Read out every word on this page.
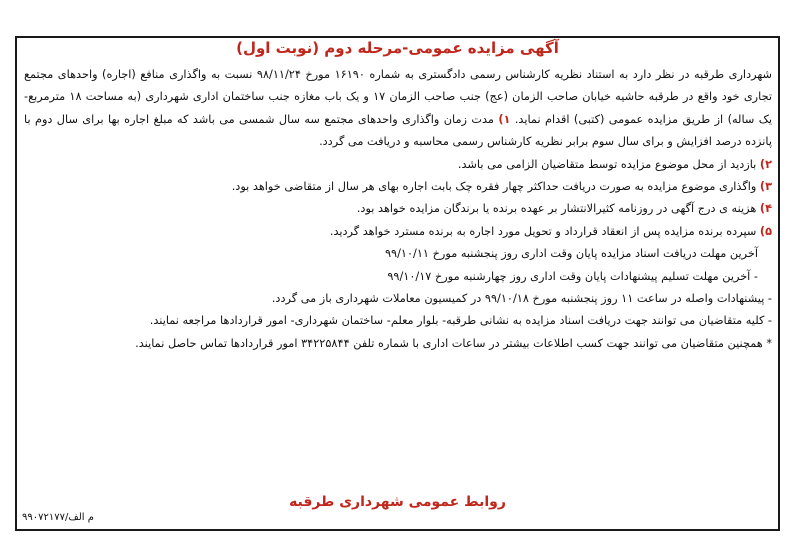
آگهی مزایده عمومی-مرحله دوم (نوبت اول)

شهرداری طرقبه در نظر دارد به استناد نظریه کارشناس رسمی دادگستری به شماره ۱۶۱۹۰ مورخ ۹۸/۱۱/۲۴ نسبت به واگذاری منافع (اجاره) واحدهای مجتمع تجاری خود واقع در طرقبه حاشیه خیابان صاحب الزمان (عج) جنب صاحب الزمان ۱۷ و یک باب مغازه جنب ساختمان اداری شهرداری (به مساحت ۱۸ مترمربع- یک ساله) از طریق مزایده عمومی (کتبی) اقدام نماید. ۱) مدت زمان واگذاری واحدهای مجتمع سه سال شمسی می باشد که مبلغ اجاره بها برای سال دوم با پانزده درصد افزایش و برای سال سوم برابر نظریه کارشناس رسمی محاسبه و دریافت می گردد.

۲) بازدید از محل موضوع مزایده توسط متقاضیان الزامی می باشد.

۳) واگذاری موضوع مزایده به صورت دریافت حداکثر چهار فقره چک بابت اجاره بهای هر سال از متقاضی خواهد بود.

۴) هزینه ی درج آگهی در روزنامه کثیرالانتشار بر عهده برنده یا برندگان مزایده خواهد بود.

۵) سپرده برنده مزایده پس از انعقاد قرارداد و تحویل مورد اجاره به برنده مسترد خواهد گردید.

آخرین مهلت دریافت اسناد مزایده پایان وقت اداری روز پنجشنبه مورخ ۹۹/۱۰/۱۱

- آخرین مهلت تسلیم پیشنهادات پایان وقت اداری روز چهارشنبه مورخ ۹۹/۱۰/۱۷

- پیشنهادات واصله در ساعت ۱۱ روز پنجشنبه مورخ ۹۹/۱۰/۱۸ در کمیسیون معاملات شهرداری باز می گردد.

- کلیه متقاضیان می توانند جهت دریافت اسناد مزایده به نشانی طرقبه- بلوار معلم- ساختمان شهرداری- امور قراردادها مراجعه نمایند.

* همچنین متقاضیان می توانند جهت کسب اطلاعات بیشتر در ساعات اداری با شماره تلفن ۳۴۲۲۵۸۴۴ امور قراردادها تماس حاصل نمایند.

روابط عمومی شهرداری طرقبه
م الف/۹۹۰۷۲۱۷۷
